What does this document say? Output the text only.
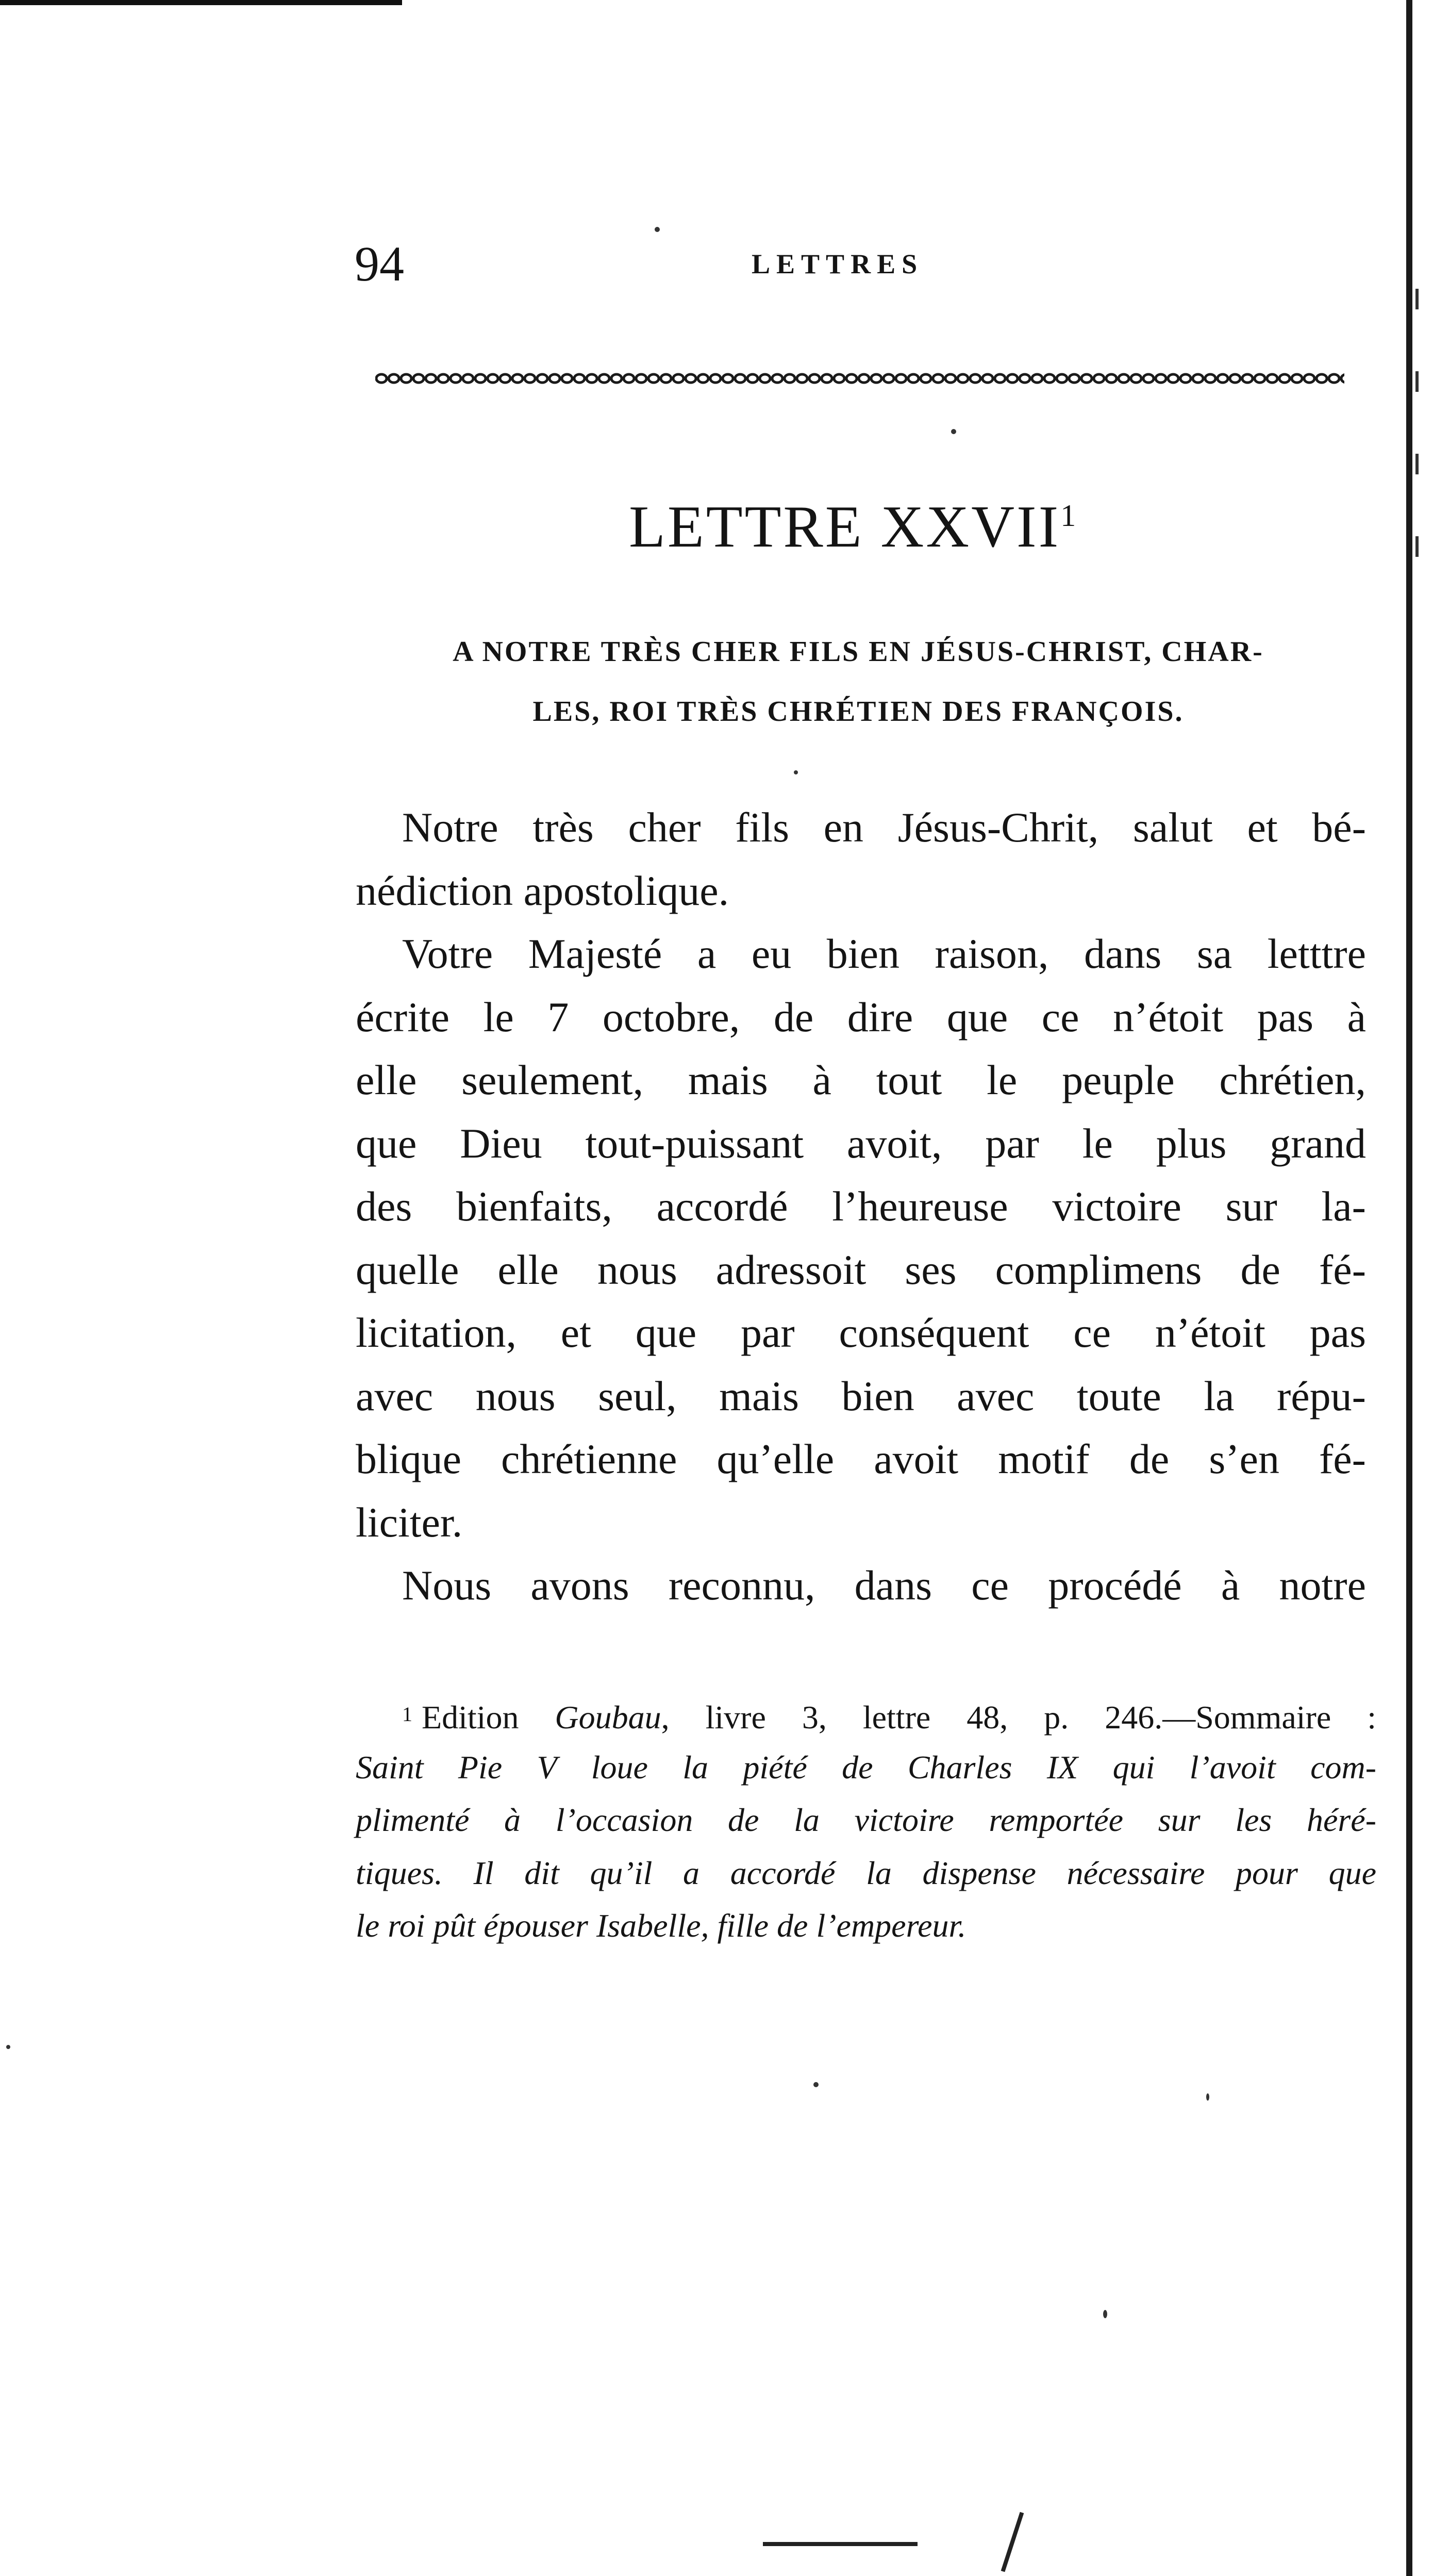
94	LETTRES
LETTRE XXVII$^1$
A NOTRE TRÈS CHER FILS EN JÉSUS-CHRIST, CHAR-
LES, ROI TRÈS CHRÉTIEN DES FRANÇOIS.
Notre très cher fils en Jésus-Chrit, salut et bé-
nédiction apostolique.
Votre Majesté a eu bien raison, dans sa letttre
écrite le 7 octobre, de dire que ce n’étoit pas à
elle seulement, mais à tout le peuple chrétien,
que Dieu tout-puissant avoit, par le plus grand
des bienfaits, accordé l’heureuse victoire sur la-
quelle elle nous adressoit ses complimens de fé-
licitation, et que par conséquent ce n’étoit pas
avec nous seul, mais bien avec toute la répu-
blique chrétienne qu’elle avoit motif de s’en fé-
liciter.
Nous avons reconnu, dans ce procédé à notre
$^1$ Edition Goubau, livre 3, lettre 48, p. 246.—Sommaire :
Saint Pie V loue la piété de Charles IX qui l’avoit com-
plimenté à l’occasion de la victoire remportée sur les héré-
tiques. Il dit qu’il a accordé la dispense nécessaire pour que
le roi pût épouser Isabelle, fille de l’empereur.
